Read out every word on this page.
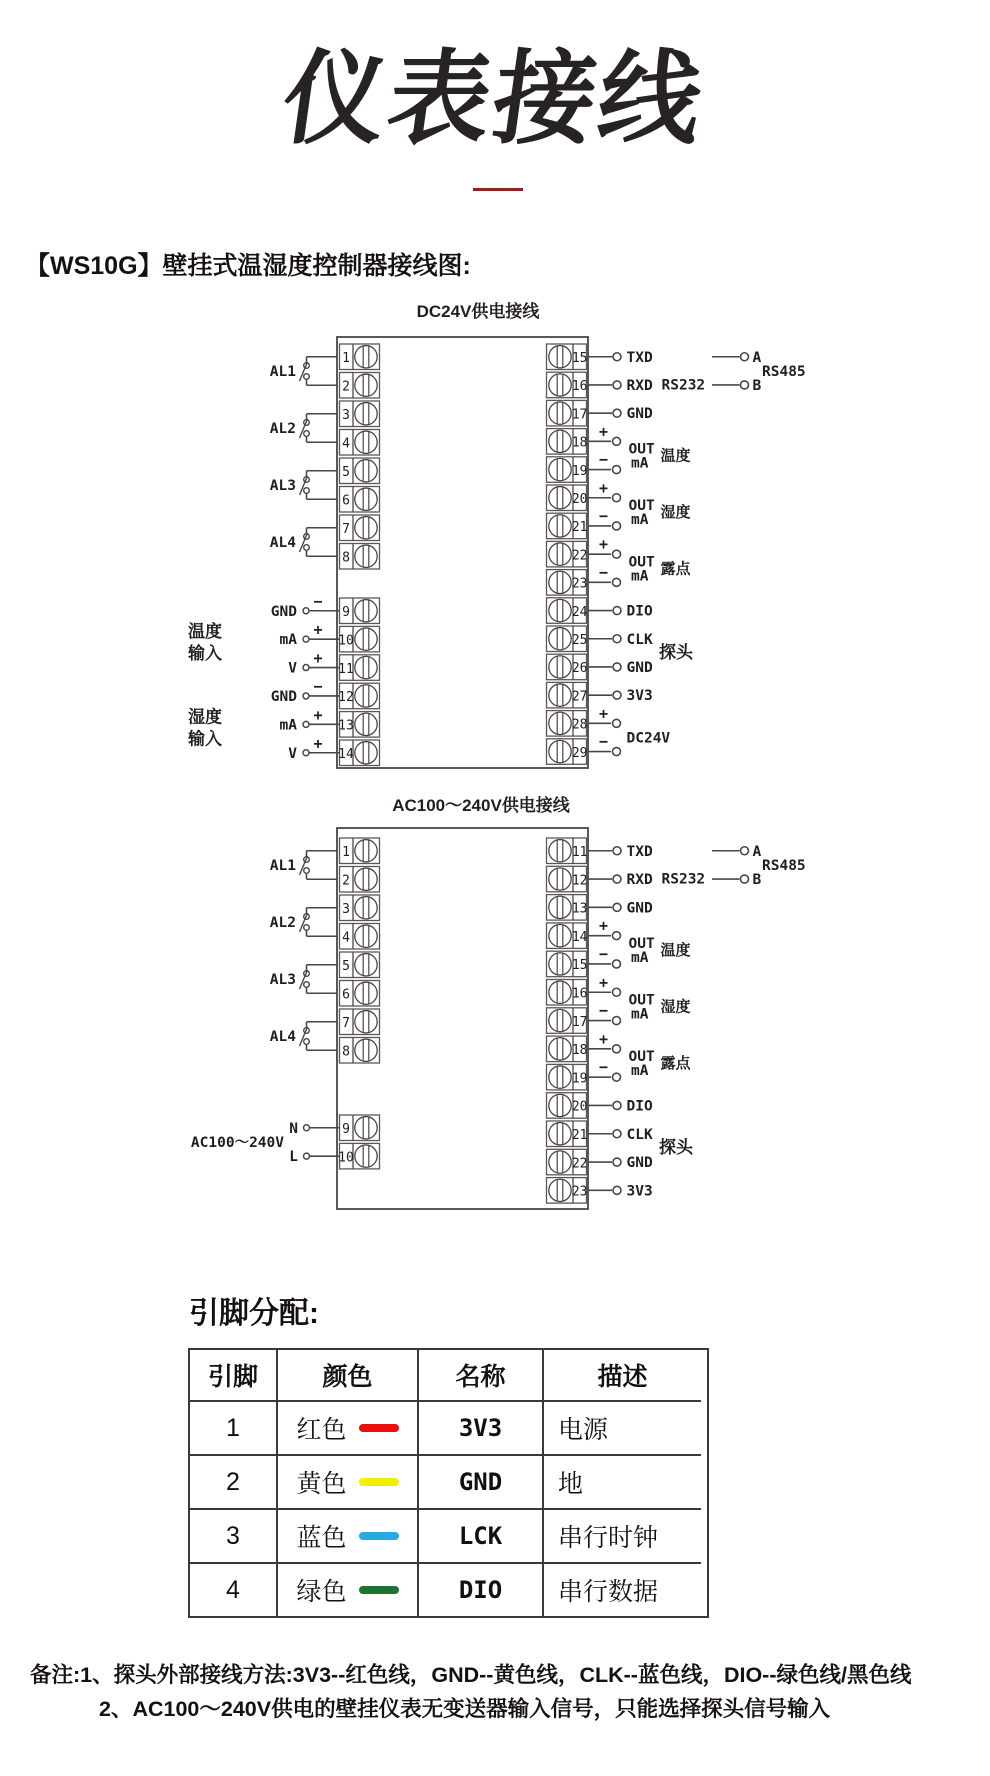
仪表接线
【WS10G】壁挂式温湿度控制器接线图:
DC24V供电接线
1
2
AL1
3
4
AL2
5
6
AL3
7
8
AL4
9
−
GND
10
+
mA
11
+
V
12
−
GND
13
+
mA
14
+
V
温度
输入
湿度
输入
15
16
17
18
19
20
21
22
23
24
25
26
27
28
29
TXD
RXD
GND
DIO
CLK
GND
3V3
+
−
OUT
mA 温度
+
−
OUT
mA 湿度
+
−
OUT
mA 露点
+
− DC24V
RS232
A
B
RS485
探头
AC100～240V供电接线
1
2
AL1
3
4
AL2
5
6
AL3
7
8
AL4
9
N
10
L
AC100～240V
11
12
13
14
15
16
17
18
19
20
21
22
23
TXD
RXD
GND
DIO
CLK
GND
3V3
+
−
OUT
mA 温度
+
−
OUT
mA 湿度
+
−
OUT
mA 露点
RS232
A
B
RS485
探头
引脚分配:
引脚	颜色	名称	描述
1	红色	3V3	电源
2	黄色	GND	地
3	蓝色	LCK	串行时钟
4	绿色	DIO	串行数据
备注:1、探头外部接线方法:3V3--红色线，GND--黄色线，CLK--蓝色线，DIO--绿色线/黑色线
2、AC100～240V供电的壁挂仪表无变送器输入信号，只能选择探头信号输入
